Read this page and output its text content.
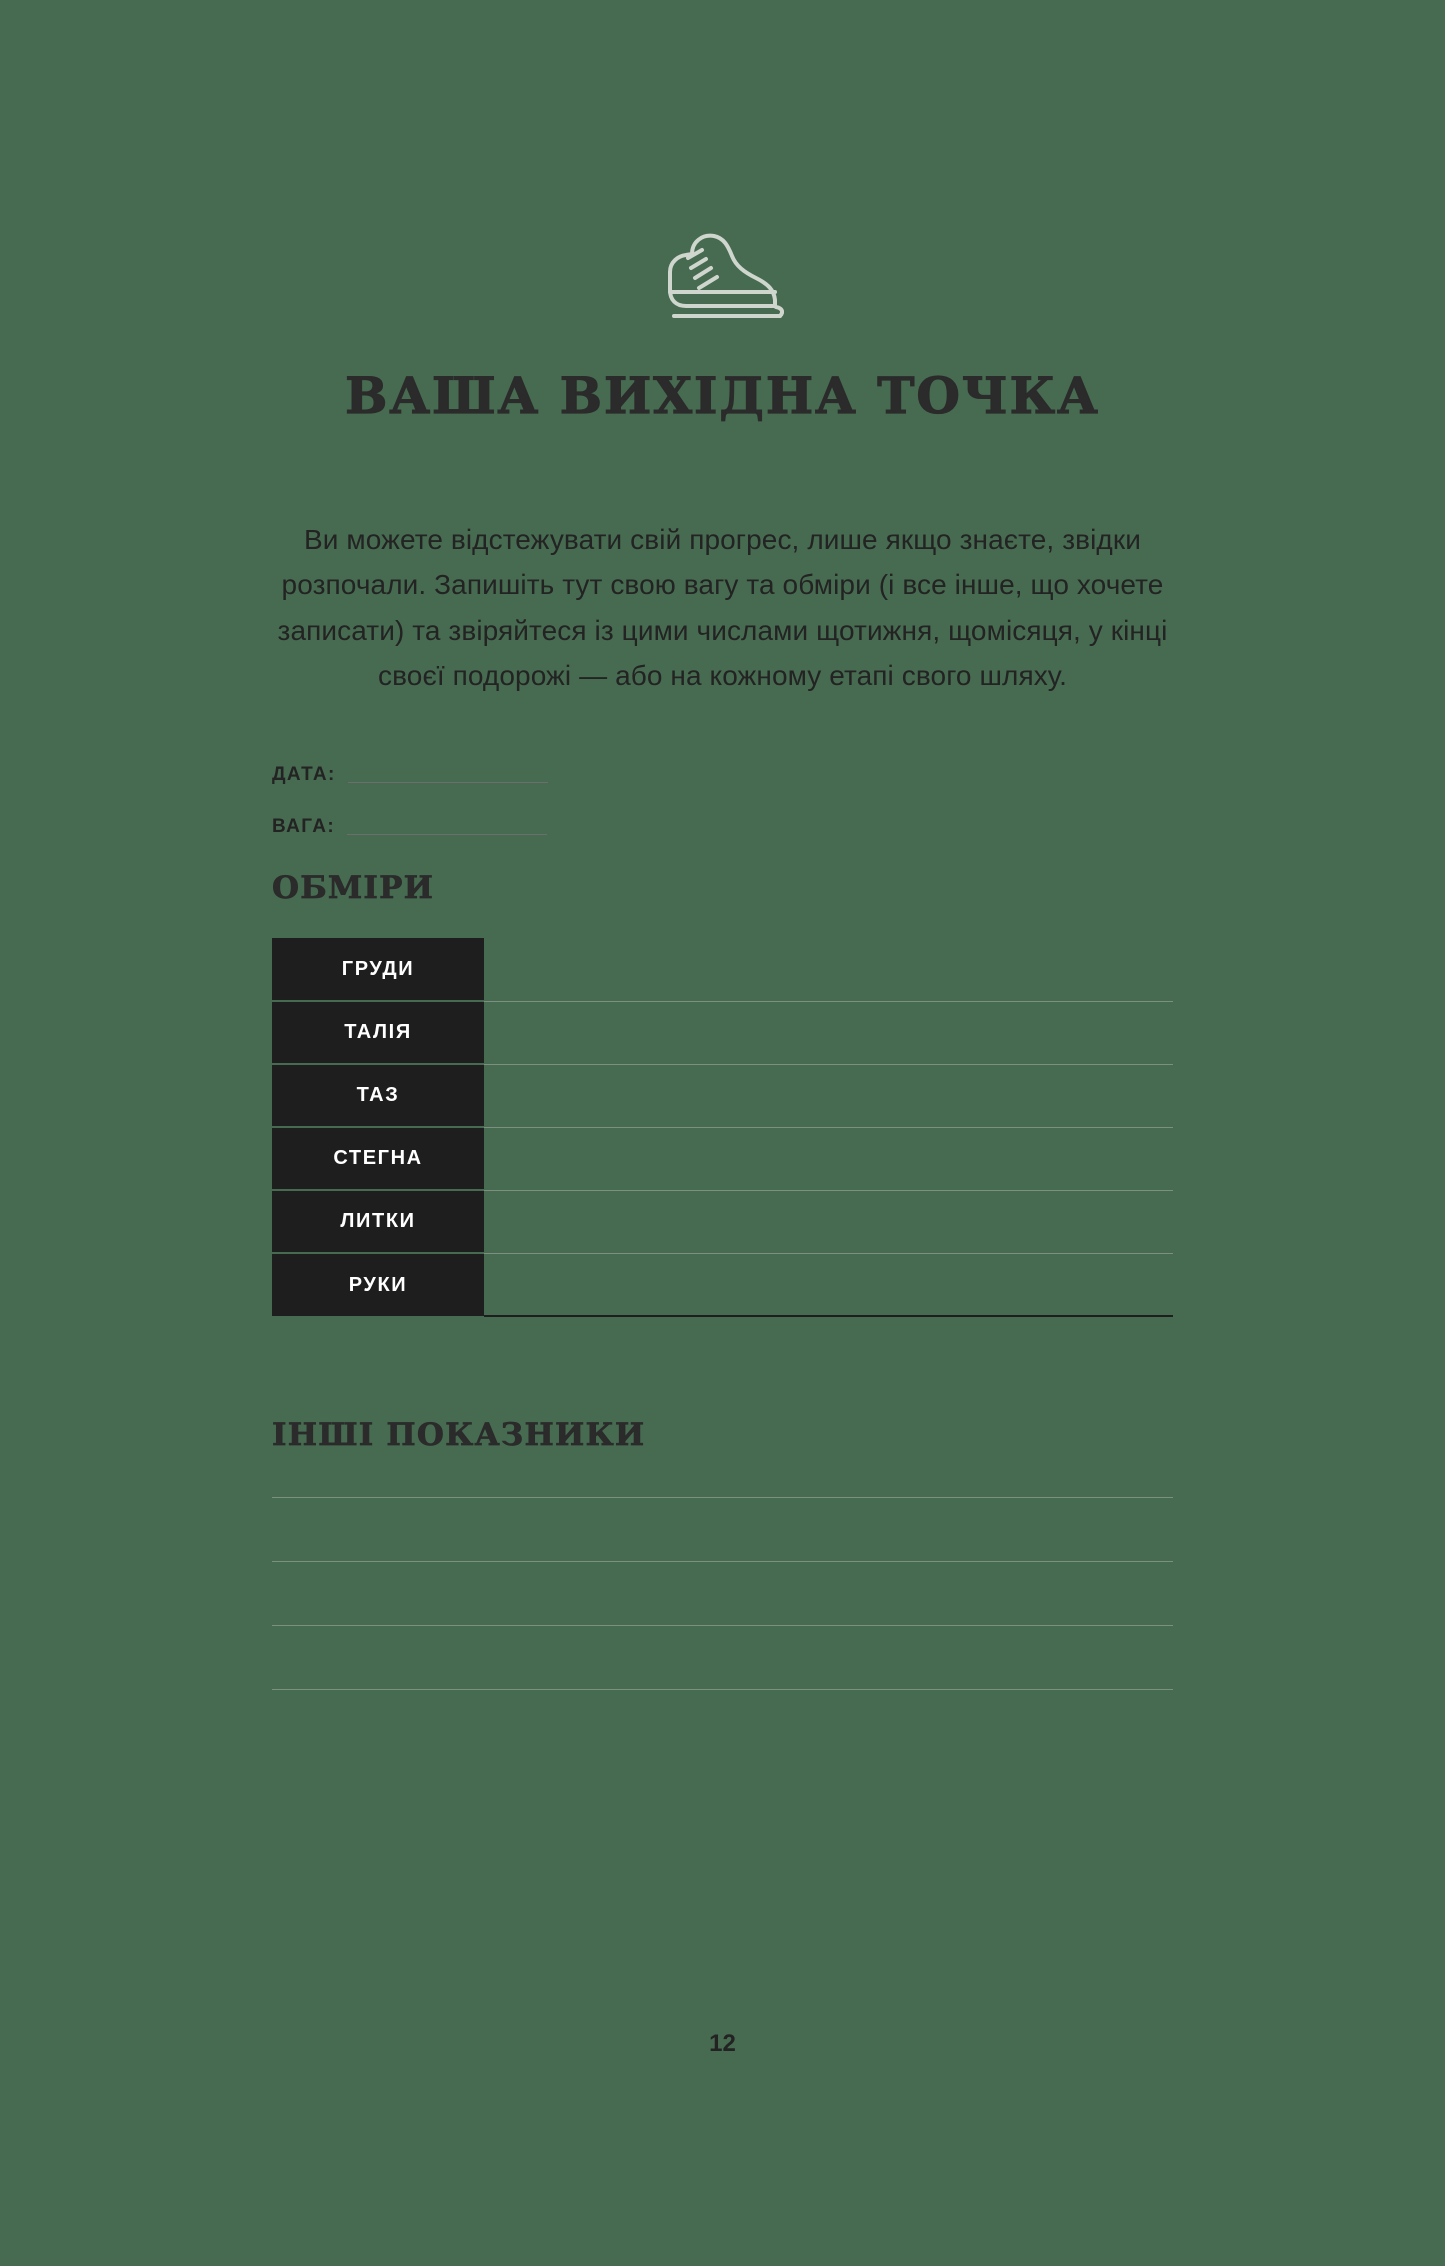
ВАША ВИХІДНА ТОЧКА

Ви можете відстежувати свій прогрес, лише якщо знаєте, звідки розпочали. Запишіть тут свою вагу та обміри (і все інше, що хочете записати) та звіряйтеся із цими числами щотижня, щомісяця, у кінці своєї подорожі — або на кожному етапі свого шляху.

ДАТА:
ВАГА:
ОБМІРИ
ГРУДИ	
ТАЛІЯ	
ТАЗ	
СТЕГНА	
ЛИТКИ	
РУКИ	
ІНШІ ПОКАЗНИКИ
12
